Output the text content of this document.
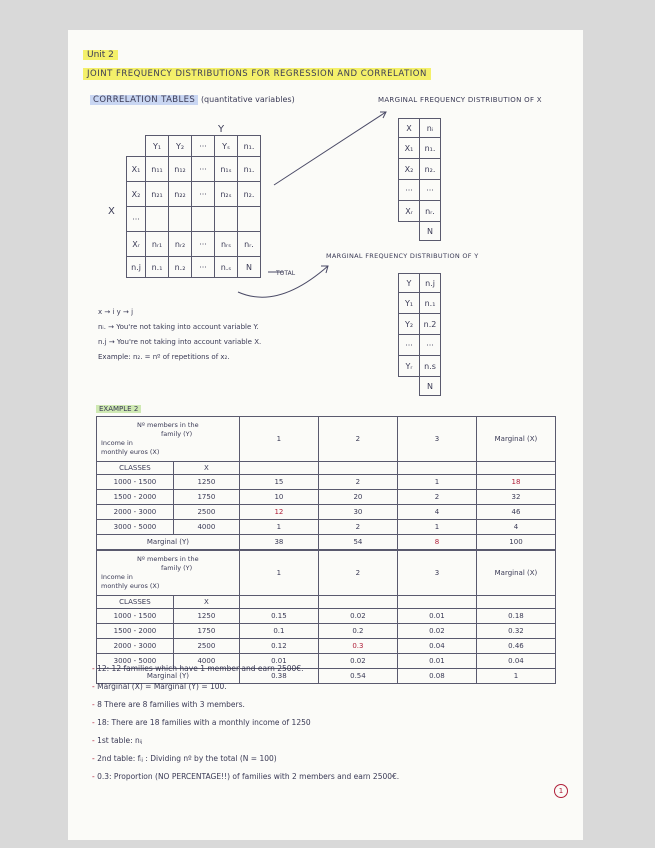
Unit 2
JOINT FREQUENCY DISTRIBUTIONS FOR REGRESSION AND CORRELATION
CORRELATION TABLES (quantitative variables)	MARGINAL FREQUENCY DISTRIBUTION OF X
Y
X
	Y₁	Y₂	···	Yₛ	n₁.
X₁	n₁₁	n₁₂	···	n₁ₛ	n₁.
X₂	n₂₁	n₂₂	···	n₂ₛ	n₂.
···					
Xᵣ	nᵣ₁	nᵣ₂	···	nᵣₛ	nᵣ.
n.j	n.₁	n.₂	···	n.ₛ	N
TOTAL
X	nᵢ
X₁	n₁.
X₂	n₂.
···	···
Xᵣ	nᵣ.
	N
MARGINAL FREQUENCY DISTRIBUTION OF Y
Y	n.j
Y₁	n.₁
Y₂	n.2
···	···
Yᵣ	n.s
	N
x → i y → j
nᵢ. → You're not taking into account variable Y.
n.j → You're not taking into account variable X.
Example: n₂. = nº of repetitions of x₂.
EXAMPLE 2
Nº members in the
family (Y)
Income in
monthly euros (X)		1	2	3	Marginal (X)
CLASSES	X				
1000 - 1500	1250	15	2	1	18
1500 - 2000	1750	10	20	2	32
2000 - 3000	2500	12	30	4	46
3000 - 5000	4000	1	2	1	4
Marginal (Y)		38	54	8	100
Nº members in the
family (Y)
Income in
monthly euros (X)		1	2	3	Marginal (X)
CLASSES	X				
1000 - 1500	1250	0.15	0.02	0.01	0.18
1500 - 2000	1750	0.1	0.2	0.02	0.32
2000 - 3000	2500	0.12	0.3	0.04	0.46
3000 - 5000	4000	0.01	0.02	0.01	0.04
Marginal (Y)		0.38	0.54	0.08	1
- 12: 12 families which have 1 member and earn 2500€.
- Marginal (X) = Marginal (Y) = 100.
- 8 There are 8 families with 3 members.
- 18: There are 18 families with a monthly income of 1250
- 1st table: nᵢⱼ
- 2nd table: fᵢⱼ : Dividing nº by the total (N = 100)
- 0.3: Proportion (NO PERCENTAGE!!) of families with 2 members and earn 2500€.
1
